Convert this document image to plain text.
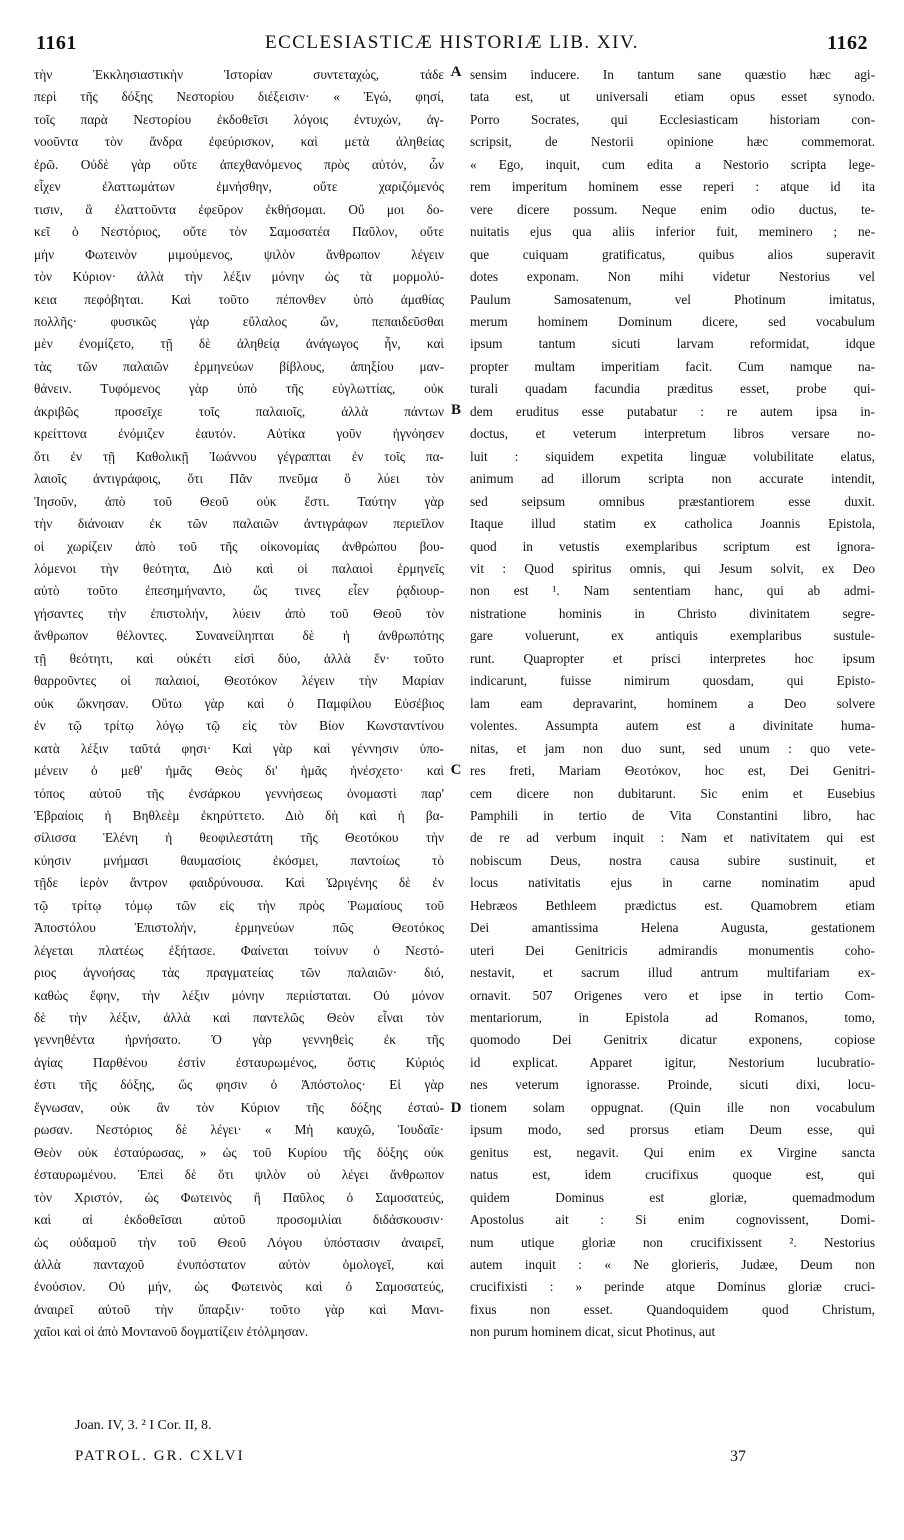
1161	ECCLESIASTICÆ HISTORIÆ LIB. XIV.	1162
τὴν Ἐκκλησιαστικὴν Ἱστορίαν συντεταχώς, τάδε
περὶ τῆς δόξης Νεστορίου διέξεισιν· « Ἐγώ, φησί,
τοῖς παρὰ Νεστορίου ἐκδοθεῖσι λόγοις ἐντυχών, ἀγ-
νοοῦντα τὸν ἄνδρα ἐφεύρισκον, καὶ μετὰ ἀληθείας
ἐρῶ. Οὐδὲ γὰρ οὔτε ἀπεχθανόμενος πρὸς αὐτόν, ὧν
εἶχεν ἐλαττωμάτων ἐμνήσθην, οὔτε χαριζόμενός
τισιν, ἃ ἐλαττοῦντα ἐφεῦρον ἐκθήσομαι. Οὔ μοι δο-
κεῖ ὁ Νεστόριος, οὔτε τὸν Σαμοσατέα Παῦλον, οὔτε
μὴν Φωτεινὸν μιμούμενος, ψιλὸν ἄνθρωπον λέγειν
τὸν Κύριον· ἀλλὰ τὴν λέξιν μόνην ὡς τὰ μορμολύ-
κεια πεφόβηται. Καὶ τοῦτο πέπονθεν ὑπὸ ἀμαθίας
πολλῆς· φυσικῶς γὰρ εὔλαλος ὤν, πεπαιδεῦσθαι
μὲν ἐνομίζετο, τῇ δὲ ἀληθείᾳ ἀνάγωγος ἦν, καὶ
τὰς τῶν παλαιῶν ἑρμηνεύων βίβλους, ἀπηξίου μαν-
θάνειν. Τυφόμενος γὰρ ὑπὸ τῆς εὐγλωττίας, οὐκ
ἀκριβῶς προσεῖχε τοῖς παλαιοῖς, ἀλλὰ πάντων
κρείττονα ἐνόμιζεν ἑαυτόν. Αὐτίκα γοῦν ἠγνόησεν
ὅτι ἐν τῇ Καθολικῇ Ἰωάννου γέγραπται ἐν τοῖς πα-
λαιοῖς ἀντιγράφοις, ὅτι Πᾶν πνεῦμα ὃ λύει τὸν
Ἰησοῦν, ἀπὸ τοῦ Θεοῦ οὐκ ἔστι. Ταύτην γὰρ
τὴν διάνοιαν ἐκ τῶν παλαιῶν ἀντιγράφων περιεῖλον
οἱ χωρίζειν ἀπὸ τοῦ τῆς οἰκονομίας ἀνθρώπου βου-
λόμενοι τὴν θεότητα, Διὸ καὶ οἱ παλαιοὶ ἑρμηνεῖς
αὐτὸ τοῦτο ἐπεσημήναντο, ὥς τινες εἶεν ῥᾳδιουρ-
γήσαντες τὴν ἐπιστολήν, λύειν ἀπὸ τοῦ Θεοῦ τὸν
ἄνθρωπον θέλοντες. Συνανείληπται δὲ ἡ ἀνθρωπότης
τῇ θεότητι, καὶ οὐκέτι εἰσὶ δύο, ἀλλὰ ἕν· τοῦτο
θαρροῦντες οἱ παλαιοί, Θεοτόκον λέγειν τὴν Μαρίαν
οὐκ ὤκνησαν. Οὕτω γὰρ καὶ ὁ Παμφίλου Εὐσέβιος
ἐν τῷ τρίτῳ λόγῳ τῷ εἰς τὸν Βίον Κωνσταντίνου
κατὰ λέξιν ταῦτά φησι· Καὶ γὰρ καὶ γέννησιν ὑπο-
μένειν ὁ μεθ' ἡμᾶς Θεὸς δι' ἡμᾶς ἠνέσχετο· καὶ
τόπος αὐτοῦ τῆς ἐνσάρκου γεννήσεως ὀνομαστὶ παρ'
Ἑβραίοις ἡ Βηθλεὲμ ἐκηρύττετο. Διὸ δὴ καὶ ἡ βα-
σίλισσα Ἑλένη ἡ θεοφιλεστάτη τῆς Θεοτόκου τὴν
κύησιν μνήμασι θαυμασίοις ἐκόσμει, παντοίως τὸ
τῇδε ἱερὸν ἄντρον φαιδρύνουσα. Καὶ Ὠριγένης δὲ ἐν
τῷ τρίτῳ τόμῳ τῶν εἰς τὴν πρὸς Ῥωμαίους τοῦ
Ἀποστόλου Ἐπιστολήν, ἑρμηνεύων πῶς Θεοτόκος
λέγεται πλατέως ἐξήτασε. Φαίνεται τοίνυν ὁ Νεστό-
ριος ἀγνοήσας τὰς πραγματείας τῶν παλαιῶν· διό,
καθὼς ἔφην, τὴν λέξιν μόνην περιίσταται. Οὐ μόνον
δὲ τὴν λέξιν, ἀλλὰ καὶ παντελῶς Θεὸν εἶναι τὸν
γεννηθέντα ἠρνήσατο. Ὁ γὰρ γεννηθεὶς ἐκ τῆς
ἁγίας Παρθένου ἐστὶν ἐσταυρωμένος, ὅστις Κύριός
ἐστι τῆς δόξης, ὥς φησιν ὁ Ἀπόστολος· Εἰ γὰρ
ἔγνωσαν, οὐκ ἂν τὸν Κύριον τῆς δόξης ἐσταύ-
ρωσαν. Νεστόριος δὲ λέγει· « Μὴ καυχῶ, Ἰουδαῖε·
Θεὸν οὐκ ἐσταύρωσας, » ὡς τοῦ Κυρίου τῆς δόξης οὐκ
ἐσταυρωμένου. Ἐπεὶ δὲ ὅτι ψιλὸν οὐ λέγει ἄνθρωπον
τὸν Χριστόν, ὡς Φωτεινὸς ἢ Παῦλος ὁ Σαμοσατεύς,
καὶ αἱ ἐκδοθεῖσαι αὐτοῦ προσομιλίαι διδάσκουσιν·
ὡς οὐδαμοῦ τὴν τοῦ Θεοῦ Λόγου ὑπόστασιν ἀναιρεῖ,
ἀλλὰ πανταχοῦ ἐνυπόστατον αὐτὸν ὁμολογεῖ, καὶ
ἐνούσιον. Οὐ μήν, ὡς Φωτεινὸς καὶ ὁ Σαμοσατεύς,
ἀναιρεῖ αὐτοῦ τὴν ὕπαρξιν· τοῦτο γὰρ καὶ Μανι-
χαῖοι καὶ οἱ ἀπὸ Μοντανοῦ δογματίζειν ἐτόλμησαν.
sensim inducere. In tantum sane quæstio hæc agi-
tata est, ut universali etiam opus esset synodo.
Porro Socrates, qui Ecclesiasticam historiam con-
scripsit, de Nestorii opinione hæc commemorat.
« Ego, inquit, cum edita a Nestorio scripta lege-
rem imperitum hominem esse reperi : atque id ita
vere dicere possum. Neque enim odio ductus, te-
nuitatis ejus qua aliis inferior fuit, meminero ; ne-
que cuiquam gratificatus, quibus alios superavit
dotes exponam. Non mihi videtur Nestorius vel
Paulum Samosatenum, vel Photinum imitatus,
merum hominem Dominum dicere, sed vocabulum
ipsum tantum sicuti larvam reformidat, idque
propter multam imperitiam facit. Cum namque na-
turali quadam facundia præditus esset, probe qui-
dem eruditus esse putabatur : re autem ipsa in-
doctus, et veterum interpretum libros versare no-
luit : siquidem expetita linguæ volubilitate elatus,
animum ad illorum scripta non accurate intendit,
sed seipsum omnibus præstantiorem esse duxit.
Itaque illud statim ex catholica Joannis Epistola,
quod in vetustis exemplaribus scriptum est ignora-
vit : Quod spiritus omnis, qui Jesum solvit, ex Deo
non est ¹. Nam sententiam hanc, qui ab admi-
nistratione hominis in Christo divinitatem segre-
gare voluerunt, ex antiquis exemplaribus sustule-
runt. Quapropter et prisci interpretes hoc ipsum
indicarunt, fuisse nimirum quosdam, qui Episto-
lam eam depravarint, hominem a Deo solvere
volentes. Assumpta autem est a divinitate huma-
nitas, et jam non duo sunt, sed unum : quo vete-
res freti, Mariam Θεοτόκον, hoc est, Dei Genitri-
cem dicere non dubitarunt. Sic enim et Eusebius
Pamphili in tertio de Vita Constantini libro, hac
de re ad verbum inquit : Nam et nativitatem qui est
nobiscum Deus, nostra causa subire sustinuit, et
locus nativitatis ejus in carne nominatim apud
Hebræos Bethleem prædictus est. Quamobrem etiam
Dei amantissima Helena Augusta, gestationem
uteri Dei Genitricis admirandis monumentis coho-
nestavit, et sacrum illud antrum multifariam ex-
ornavit. 507 Origenes vero et ipse in tertio Com-
mentariorum, in Epistola ad Romanos, tomo,
quomodo Dei Genitrix dicatur exponens, copiose
id explicat. Apparet igitur, Nestorium lucubratio-
nes veterum ignorasse. Proinde, sicuti dixi, locu-
tionem solam oppugnat. (Quin ille non vocabulum
ipsum modo, sed prorsus etiam Deum esse, qui
genitus est, negavit. Qui enim ex Virgine sancta
natus est, idem crucifixus quoque est, qui
quidem Dominus est gloriæ, quemadmodum
Apostolus ait : Si enim cognovissent, Domi-
num utique gloriæ non crucifixissent ². Nestorius
autem inquit : « Ne glorieris, Judæe, Deum non
crucifixisti : » perinde atque Dominus gloriæ cruci-
fixus non esset. Quandoquidem quod Christum,
non purum hominem dicat, sicut Photinus, aut
A
B
C
D
Joan. IV, 3. ² I Cor. II, 8.
PATROL. GR. CXLVI	37
